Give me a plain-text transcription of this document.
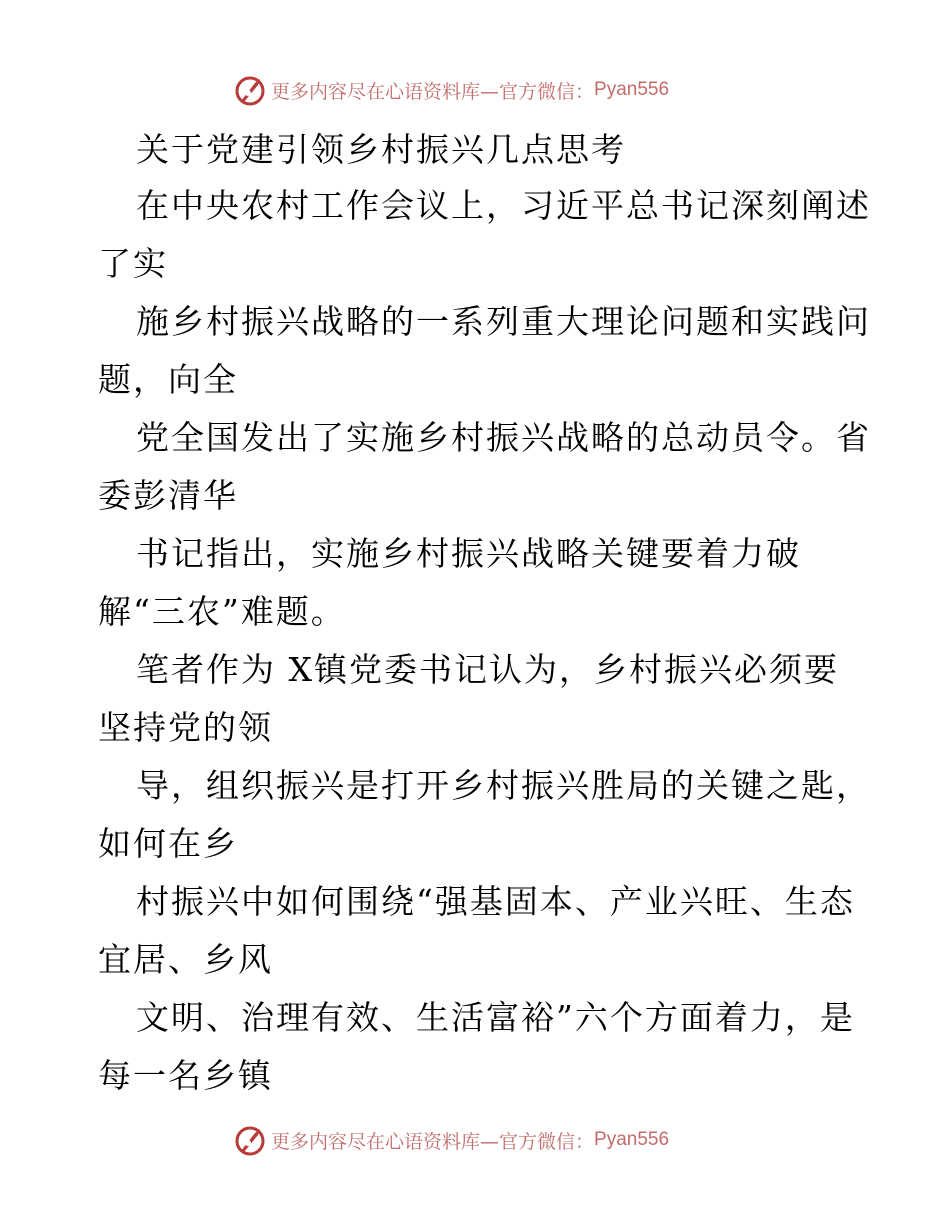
更多内容尽在心语资料库—官方微信： Pyan556
关于党建引领乡村振兴几点思考
在中央农村工作会议上，习近平总书记深刻阐述
了实
施乡村振兴战略的一系列重大理论问题和实践问
题，向全
党全国发出了实施乡村振兴战略的总动员令。省
委彭清华
书记指出，实施乡村振兴战略关键要着力破
解“三农”难题。
笔者作为 X镇党委书记认为，乡村振兴必须要
坚持党的领
导，组织振兴是打开乡村振兴胜局的关键之匙，
如何在乡
村振兴中如何围绕“强基固本、产业兴旺、生态
宜居、乡风
文明、治理有效、生活富裕”六个方面着力，是
每一名乡镇
更多内容尽在心语资料库—官方微信： Pyan556
